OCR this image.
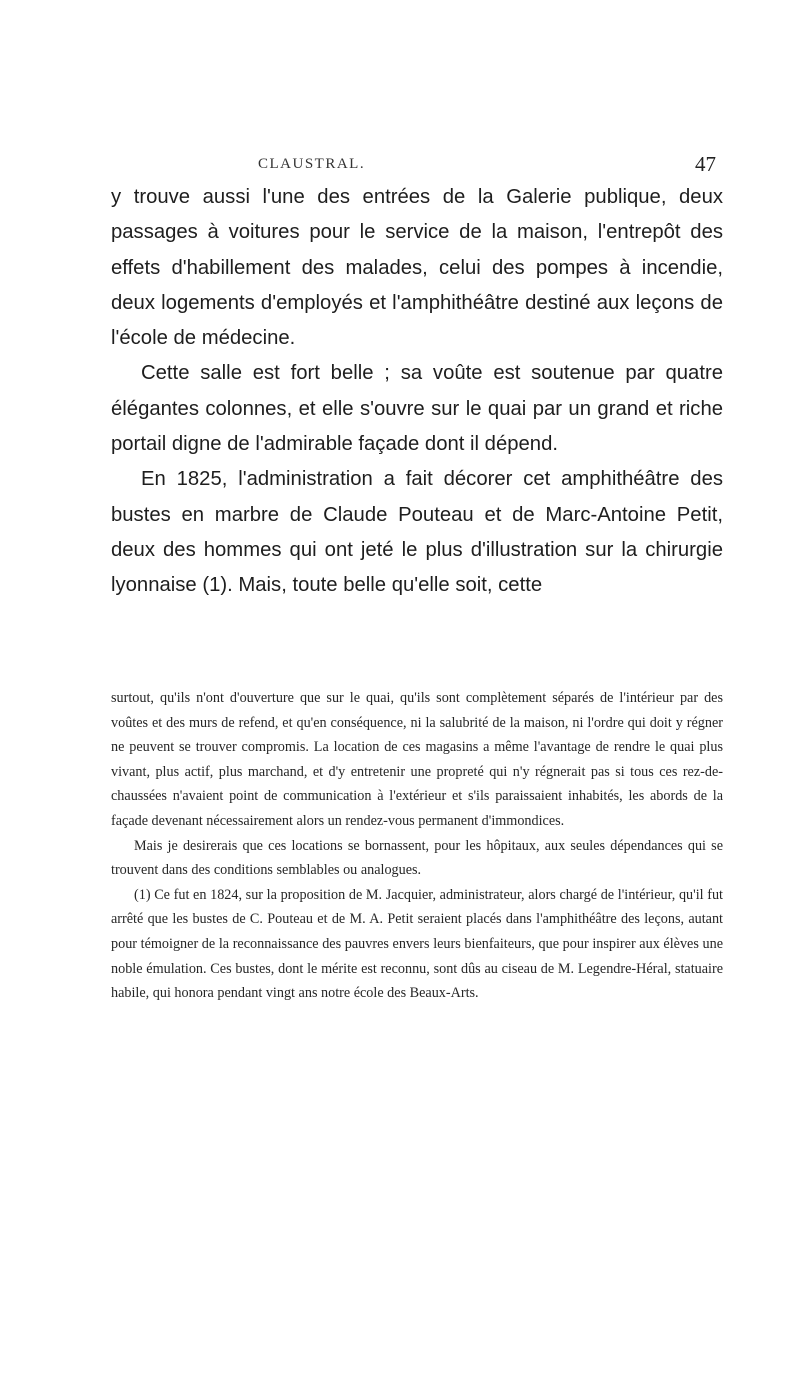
CLAUSTRAL.	47

y trouve aussi l'une des entrées de la Galerie publique, deux passages à voitures pour le service de la maison, l'entrepôt des effets d'habillement des malades, celui des pompes à incendie, deux logements d'employés et l'amphithéâtre destiné aux leçons de l'école de médecine.

Cette salle est fort belle ; sa voûte est soutenue par quatre élégantes colonnes, et elle s'ouvre sur le quai par un grand et riche portail digne de l'admirable façade dont il dépend.

En 1825, l'administration a fait décorer cet amphithéâtre des bustes en marbre de Claude Pouteau et de Marc-Antoine Petit, deux des hommes qui ont jeté le plus d'illustration sur la chirurgie lyonnaise (1). Mais, toute belle qu'elle soit, cette

surtout, qu'ils n'ont d'ouverture que sur le quai, qu'ils sont complètement séparés de l'intérieur par des voûtes et des murs de refend, et qu'en conséquence, ni la salubrité de la maison, ni l'ordre qui doit y régner ne peuvent se trouver compromis. La location de ces magasins a même l'avantage de rendre le quai plus vivant, plus actif, plus marchand, et d'y entretenir une propreté qui n'y régnerait pas si tous ces rez-de-chaussées n'avaient point de communication à l'extérieur et s'ils paraissaient inhabités, les abords de la façade devenant nécessairement alors un rendez-vous permanent d'immondices.

Mais je desirerais que ces locations se bornassent, pour les hôpitaux, aux seules dépendances qui se trouvent dans des conditions semblables ou analogues.

(1) Ce fut en 1824, sur la proposition de M. Jacquier, administrateur, alors chargé de l'intérieur, qu'il fut arrêté que les bustes de C. Pouteau et de M. A. Petit seraient placés dans l'amphithéâtre des leçons, autant pour témoigner de la reconnaissance des pauvres envers leurs bienfaiteurs, que pour inspirer aux élèves une noble émulation. Ces bustes, dont le mérite est reconnu, sont dûs au ciseau de M. Legendre-Héral, statuaire habile, qui honora pendant vingt ans notre école des Beaux-Arts.
